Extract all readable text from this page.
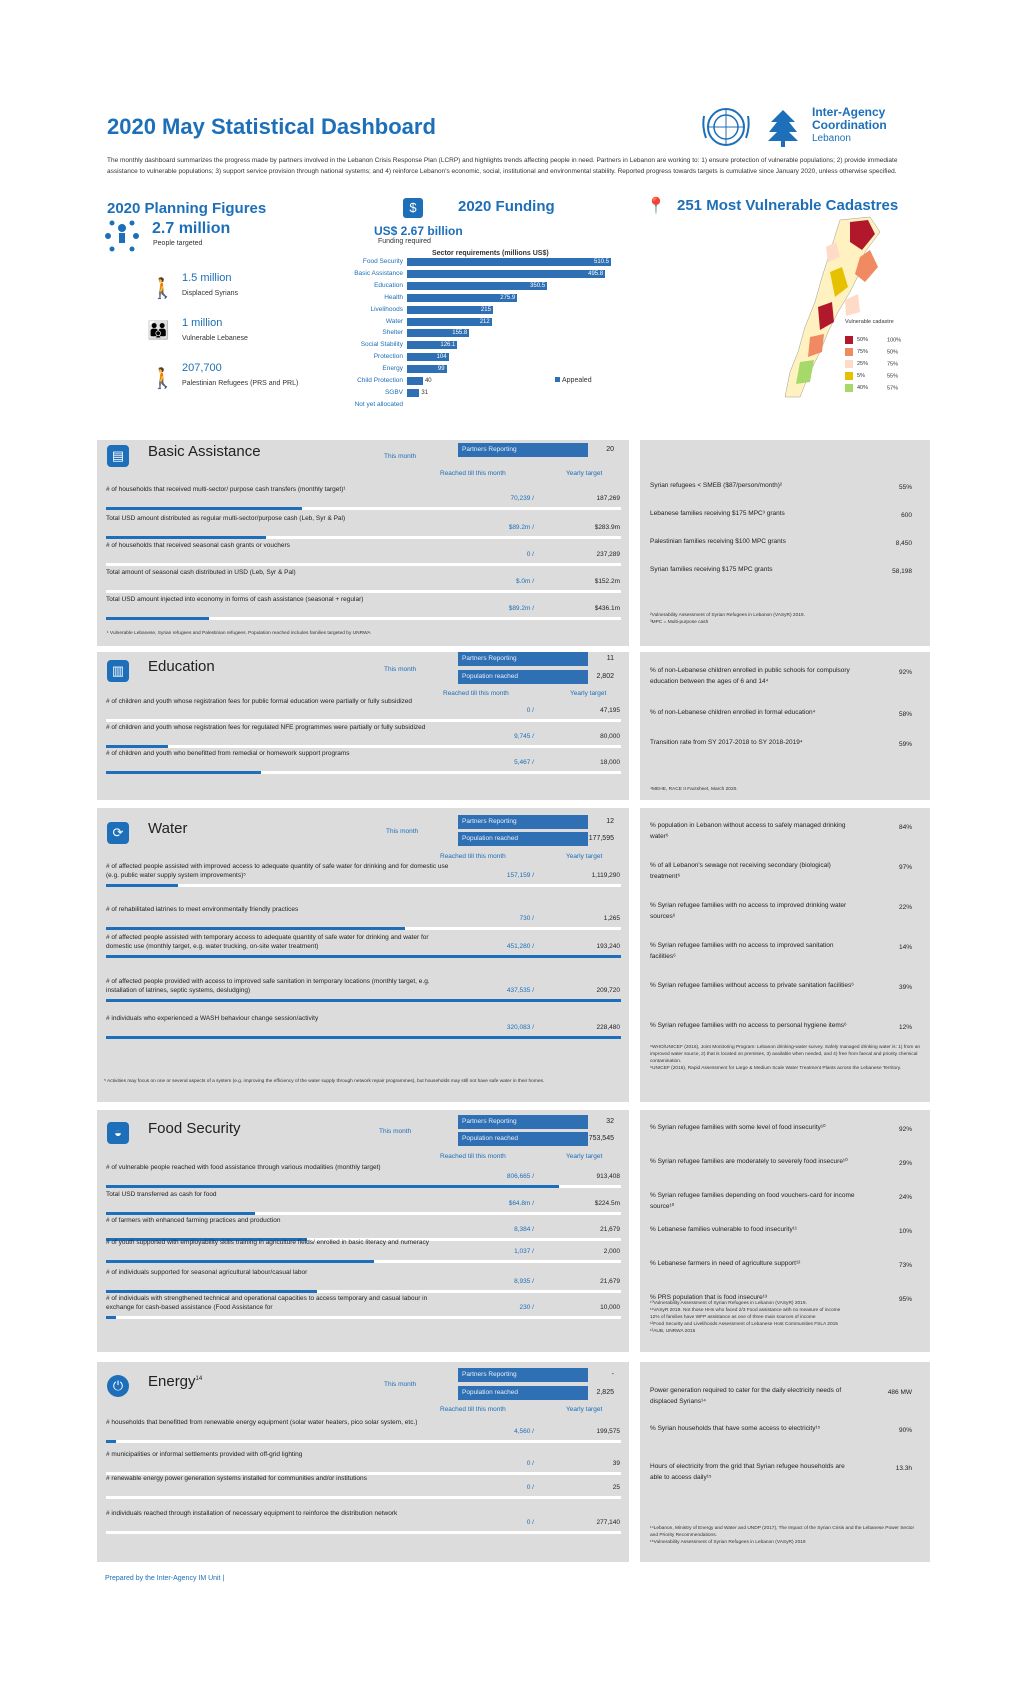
2020 May Statistical Dashboard
The monthly dashboard summarizes the progress made by partners involved in the Lebanon Crisis Response Plan (LCRP) and highlights trends affecting people in need. Partners in Lebanon are working to: 1) ensure protection of vulnerable populations; 2) provide immediate assistance to vulnerable populations; 3) support service provision through national systems; and 4) reinforce Lebanon's economic, social, institutional and environmental stability. Reported progress towards targets is cumulative since January 2020, unless otherwise specified.
Inter-Agency
Coordination
Lebanon
2020 Planning Figures
2.7 million
People targeted
🚶 1.5 million
Displaced Syrians
👪	1 million
Vulnerable Lebanese
🚶 207,700
Palestinian Refugees (PRS and PRL)
$	2020 Funding
US$ 2.67 billion
Funding required
Sector requirements (millions US$)
Food Security	510.5
Basic Assistance	495.8
Education	350.5
Health	275.9
Livelihoods	215
Water	212
Shelter	155.8
Social Stability	126.1
Protection	104
Energy	99
Child Protection	40
SGBV	31
Not yet allocated
Appealed
📍 251 Most Vulnerable Cadastres
Vulnerable cadastre
50%	100%
75%	50%
25%	75%
5%	55%
40%	57%
▤	Basic Assistance	This month
Partners Reporting	20
Reached till this month	Yearly target
# of households that received multi-sector/ purpose cash transfers (monthly target)¹
70,239 /	187,269
Total USD amount distributed as regular multi-sector/purpose cash (Leb, Syr & Pal)
$89.2m /	$283.9m
# of households that received seasonal cash grants or vouchers
0 /	237,289
Total amount of seasonal cash distributed in USD (Leb, Syr & Pal)
$.0m /	$152.2m
Total USD amount injected into economy in forms of cash assistance (seasonal + regular)
$89.2m /	$436.1m
¹ Vulnerable Lebanese, Syrian refugees and Palestinian refugees. Population reached includes families targeted by UNRWA
Syrian refugees < SMEB ($87/person/month)²	55%
Lebanese families receiving $175 MPC³ grants	600
Palestinian families receiving $100 MPC grants	8,450
Syrian families receiving $175 MPC grants	58,198
²Vulnerability Assessment of Syrian Refugees in Lebanon (VASyR) 2019.
³MPC = Multi-purpose cash
▥	Education	This month
Partners Reporting	11
Population reached	2,802
Reached till this month	Yearly target
# of children and youth whose registration fees for public formal education were partially or fully subsidized
0 /	47,195
# of children and youth whose registration fees for regulated NFE programmes were partially or fully subsidized
9,745 /	80,000
# of children and youth who benefitted from remedial or homework support programs
5,467 /	18,000
% of non-Lebanese children enrolled in public schools for compulsory education between the ages of 6 and 14⁴
92%
% of non-Lebanese children enrolled in formal education⁴	58%
Transition rate from SY 2017-2018 to SY 2018-2019⁴	59%
⁴MEHE, RACE II Factsheet, March 2020.
⟳	Water	This month
Partners Reporting	12
Population reached	177,595
Reached till this month	Yearly target
# of affected people assisted with improved access to adequate quantity of safe water for drinking and for domestic use (e.g. public water supply system improvements)⁵	157,159 /	1,119,290
# of rehabilitated latrines to meet environmentally friendly practices
730 /	1,265
# of affected people assisted with temporary access to adequate quantity of safe water for drinking and water for domestic use (monthly target, e.g. water trucking, on-site water treatment)	451,280 /	193,240
# of affected people provided with access to improved safe sanitation in temporary locations (monthly target, e.g. installation of latrines, septic systems, desludging)	437,535 /	209,720
# individuals who experienced a WASH behaviour change session/activity
320,083 /	228,480
⁵ Activities may focus on one or several aspects of a system (e.g. improving the efficiency of the water supply through network repair programmes), but households may still not have safe water in their homes.
% population in Lebanon without access to safely managed drinking water⁶
84%
% of all Lebanon's sewage not receiving secondary (biological) treatment⁶
97%
% Syrian refugee families with no access to improved drinking water sources⁶
22%
% Syrian refugee families with no access to improved sanitation facilities⁶
14%
% Syrian refugee families without access to private sanitation facilities⁶	39%
% Syrian refugee families with no access to personal hygiene items⁶	12%
⁶WHO/UNICEF (2016), Joint Monitoring Program: Lebanon drinking-water survey. Safely managed drinking water is: 1) from an improved water source, 2) that is located on premises, 3) available when needed, and 4) free from faecal and priority chemical contamination.
⁶UNICEF (2016), Rapid Assessment for Large & Medium Scale Water Treatment Plants across the Lebanese Territory.
◒	Food Security	This month
Partners Reporting	32
Population reached	753,545
Reached till this month	Yearly target
# of vulnerable people reached with food assistance through various modalities (monthly target)
806,665 /	913,408
Total USD transferred as cash for food
$64.8m /	$224.5m
# of farmers with enhanced farming practices and production
8,384 /	21,679
# of youth supported with employability skills training in agriculture fields/ enrolled in basic literacy and numeracy
1,037 /	2,000
# of individuals supported for seasonal agricultural labour/casual labor
8,935 /	21,679
# of individuals with strengthened technical and operational capacities to access temporary and casual labour in exchange for cash-based assistance (Food Assistance for	230 /	10,000
% Syrian refugee families with some level of food insecurity¹⁰	92%
% Syrian refugee families are moderately to severely food insecure¹⁰	29%
% Syrian refugee families depending on food vouchers-card for income source¹⁰
24%
% Lebanese families vulnerable to food insecurity¹¹	10%
% Lebanese farmers in need of agriculture support¹²	73%
% PRS population that is food insecure¹³	95%
¹⁰Vulnerability Assessment of Syrian Refugees in Lebanon (VASyR) 2019.
¹¹VASyR 2019. Not those HHs who faced 2/3 Food assistance with no measure of income
12% of families have WFP assistance as one of three main sources of income
¹²Food Security and Livelihoods Assessment of Lebanese Host Communities FSLA 2015
¹³AUB, UNRWA 2015
⏻	Energy$^{14}$
This month
Partners Reporting	-
Population reached	2,825
Reached till this month	Yearly target
# households that benefitted from renewable energy equipment (solar water heaters, pico solar system, etc.)
4,560 /	199,575
# municipalities or informal settlements provided with off-grid lighting
0 /	39
# renewable energy power generation systems installed for communities and/or institutions
0 /	25
# individuals reached through installation of necessary equipment to reinforce the distribution network
0 /	277,140
Power generation required to cater for the daily electricity needs of displaced Syrians¹⁴
486 MW
% Syrian households that have some access to electricity¹⁵	90%
Hours of electricity from the grid that Syrian refugee households are able to access daily¹⁵
13.3h
¹⁴Lebanon, Ministry of Energy and Water and UNDP (2017), The Impact of the Syrian Crisis and the Lebanese Power Sector and Priority Recommendations.
¹⁵Vulnerability Assessment of Syrian Refugees in Lebanon (VASyR) 2019
Prepared by the Inter-Agency IM Unit |
